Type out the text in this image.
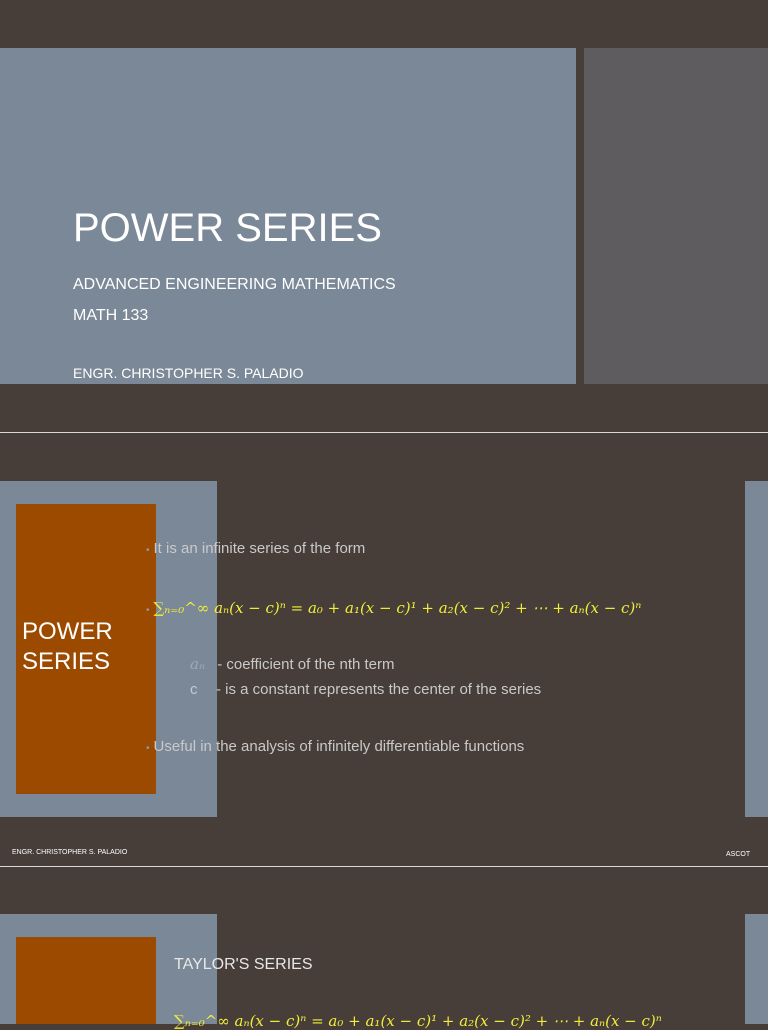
POWER SERIES
ADVANCED ENGINEERING MATHEMATICS
MATH 133
ENGR. CHRISTOPHER S. PALADIO
POWER SERIES
• It is an infinite series of the form
• ∑ₙ₌₀^∞ aₙ(x − c)ⁿ = a₀ + a₁(x − c)¹ + a₂(x − c)² + ⋯ + aₙ(x − c)ⁿ
aₙ - coefficient of the nth term
c - is a constant represents the center of the series
• Useful in the analysis of infinitely differentiable functions
ENGR. CHRISTOPHER S. PALADIO	ASCOT
TAYLOR'S SERIES
∑ₙ₌₀^∞ aₙ(x − c)ⁿ = a₀ + a₁(x − c)¹ + a₂(x − c)² + ⋯ + aₙ(x − c)ⁿ
